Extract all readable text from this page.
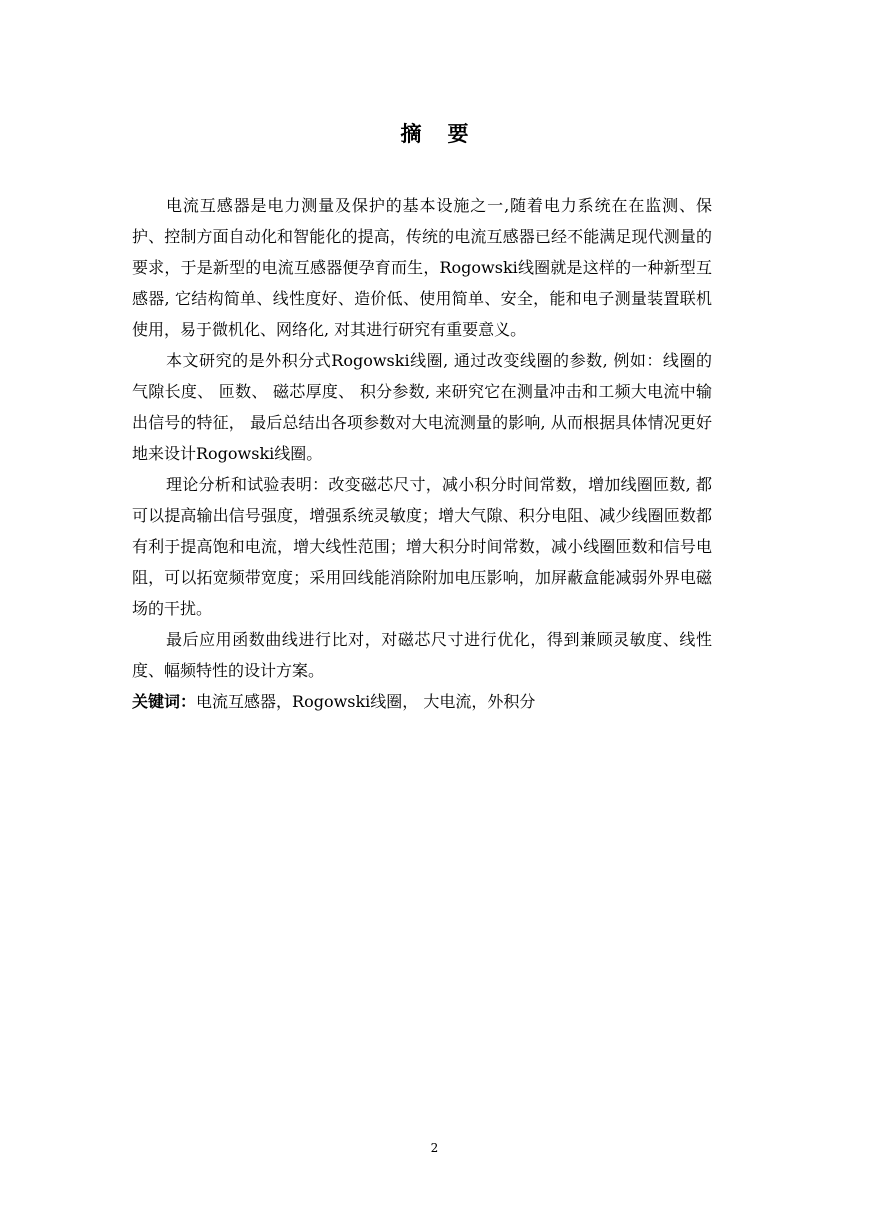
摘要

电流互感器是电力测量及保护的基本设施之一,随着电力系统在在监测、保护、控制方面自动化和智能化的提高，传统的电流互感器已经不能满足现代测量的要求，于是新型的电流互感器便孕育而生，Rogowski线圈就是这样的一种新型互感器, 它结构简单、线性度好、造价低、使用简单、安全，能和电子测量装置联机使用，易于微机化、网络化, 对其进行研究有重要意义。

本文研究的是外积分式Rogowski线圈, 通过改变线圈的参数, 例如：线圈的气隙长度、 匝数、 磁芯厚度、 积分参数, 来研究它在测量冲击和工频大电流中输出信号的特征， 最后总结出各项参数对大电流测量的影响, 从而根据具体情况更好地来设计Rogowski线圈。

理论分析和试验表明：改变磁芯尺寸，减小积分时间常数，增加线圈匝数, 都可以提高输出信号强度，增强系统灵敏度；增大气隙、积分电阻、减少线圈匝数都有利于提高饱和电流，增大线性范围；增大积分时间常数，减小线圈匝数和信号电阻，可以拓宽频带宽度；采用回线能消除附加电压影响，加屏蔽盒能减弱外界电磁场的干扰。

最后应用函数曲线进行比对，对磁芯尺寸进行优化，得到兼顾灵敏度、线性度、幅频特性的设计方案。

关键词：电流互感器，Rogowski线圈， 大电流，外积分

2
